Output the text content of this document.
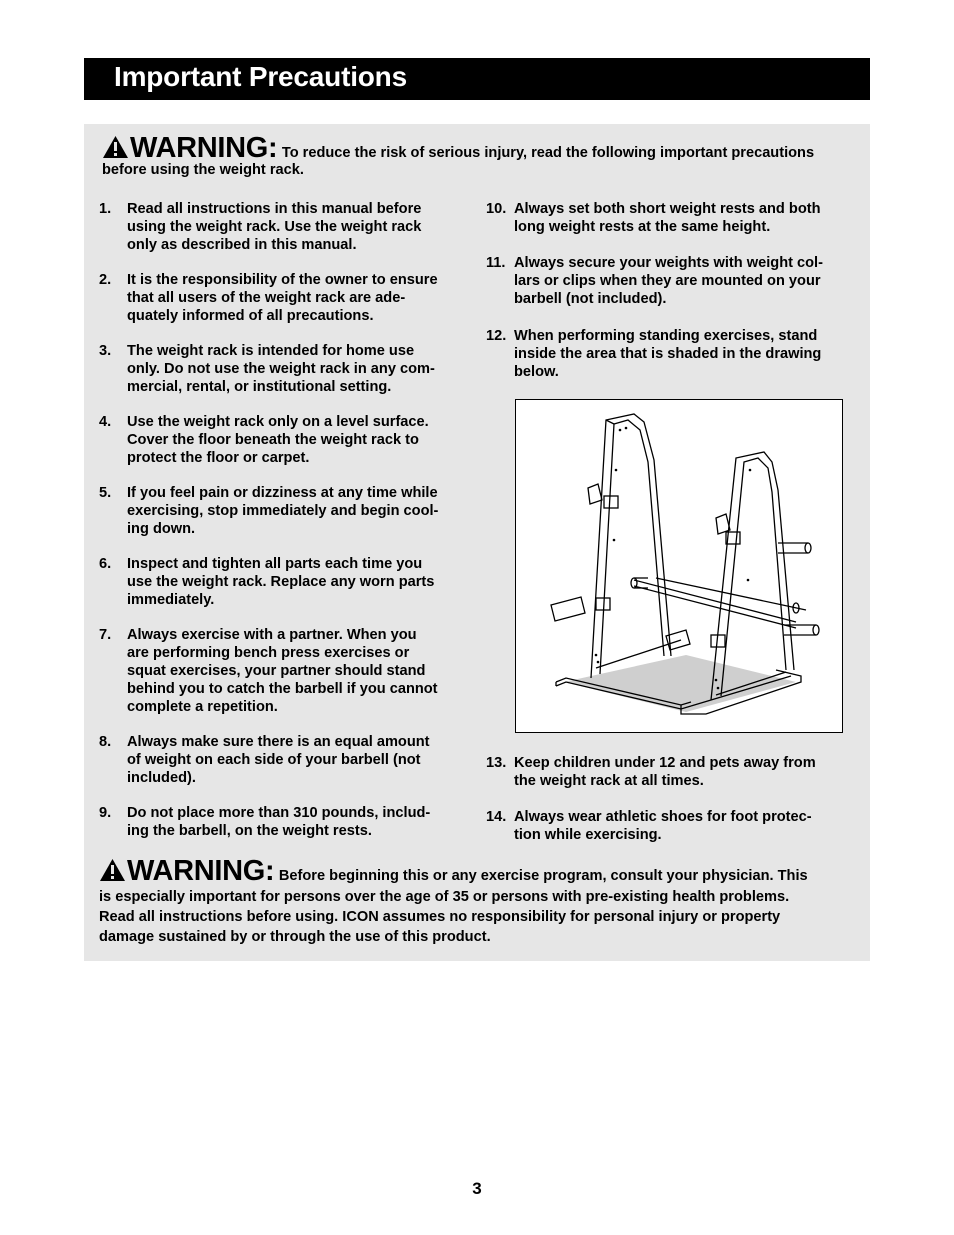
Important Precautions
WARNING: To reduce the risk of serious injury, read the following important precautions
before using the weight rack.
1. Read all instructions in this manual before
using the weight rack. Use the weight rack
only as described in this manual.
2. It is the responsibility of the owner to ensure
that all users of the weight rack are ade-
quately informed of all precautions.
3. The weight rack is intended for home use
only. Do not use the weight rack in any com-
mercial, rental, or institutional setting.
4. Use the weight rack only on a level surface.
Cover the floor beneath the weight rack to
protect the floor or carpet.
5. If you feel pain or dizziness at any time while
exercising, stop immediately and begin cool-
ing down.
6. Inspect and tighten all parts each time you
use the weight rack. Replace any worn parts
immediately.
7. Always exercise with a partner. When you
are performing bench press exercises or
squat exercises, your partner should stand
behind you to catch the barbell if you cannot
complete a repetition.
8. Always make sure there is an equal amount
of weight on each side of your barbell (not
included).
9. Do not place more than 310 pounds, includ-
ing the barbell, on the weight rests.
10. Always set both short weight rests and both
long weight rests at the same height.
11. Always secure your weights with weight col-
lars or clips when they are mounted on your
barbell (not included).
12. When performing standing exercises, stand
inside the area that is shaded in the drawing
below.
13. Keep children under 12 and pets away from
the weight rack at all times.
14. Always wear athletic shoes for foot protec-
tion while exercising.
WARNING: Before beginning this or any exercise program, consult your physician. This
is especially important for persons over the age of 35 or persons with pre-existing health problems.
Read all instructions before using. ICON assumes no responsibility for personal injury or property
damage sustained by or through the use of this product.
3
